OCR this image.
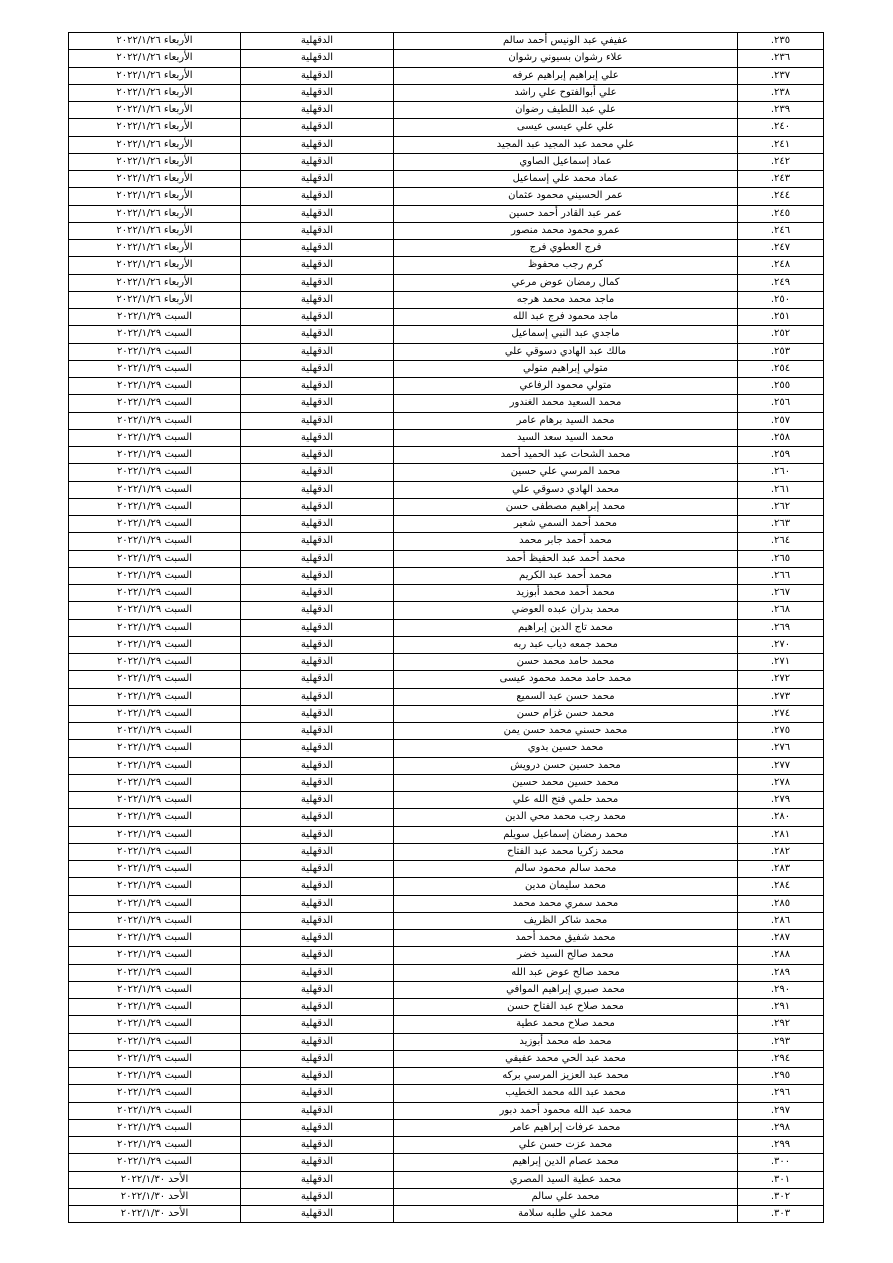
٢٣٥.	عفيفي عبد الونيس أحمد سالم	الدقهلية	الأربعاء ٢٠٢٢/١/٢٦
٢٣٦.	علاء رشوان بسيوني رشوان	الدقهلية	الأربعاء ٢٠٢٢/١/٢٦
٢٣٧.	علي إبراهيم إبراهيم عرفه	الدقهلية	الأربعاء ٢٠٢٢/١/٢٦
٢٣٨.	علي أبوالفتوح علي راشد	الدقهلية	الأربعاء ٢٠٢٢/١/٢٦
٢٣٩.	علي عبد اللطيف رضوان	الدقهلية	الأربعاء ٢٠٢٢/١/٢٦
٢٤٠.	علي علي عيسى عيسى	الدقهلية	الأربعاء ٢٠٢٢/١/٢٦
٢٤١.	علي محمد عبد المجيد عبد المجيد	الدقهلية	الأربعاء ٢٠٢٢/١/٢٦
٢٤٢.	عماد إسماعيل الصاوي	الدقهلية	الأربعاء ٢٠٢٢/١/٢٦
٢٤٣.	عماد محمد علي إسماعيل	الدقهلية	الأربعاء ٢٠٢٢/١/٢٦
٢٤٤.	عمر الحسيني محمود عثمان	الدقهلية	الأربعاء ٢٠٢٢/١/٢٦
٢٤٥.	عمر عبد القادر أحمد حسين	الدقهلية	الأربعاء ٢٠٢٢/١/٢٦
٢٤٦.	عمرو محمود محمد منصور	الدقهلية	الأربعاء ٢٠٢٢/١/٢٦
٢٤٧.	فرج العطوي فرج	الدقهلية	الأربعاء ٢٠٢٢/١/٢٦
٢٤٨.	كرم رجب محفوظ	الدقهلية	الأربعاء ٢٠٢٢/١/٢٦
٢٤٩.	كمال رمضان عوض مرعي	الدقهلية	الأربعاء ٢٠٢٢/١/٢٦
٢٥٠.	ماجد محمد محمد هرجه	الدقهلية	الأربعاء ٢٠٢٢/١/٢٦
٢٥١.	ماجد محمود فرج عبد الله	الدقهلية	السبت ٢٠٢٢/١/٢٩
٢٥٢.	ماجدي عبد النبي إسماعيل	الدقهلية	السبت ٢٠٢٢/١/٢٩
٢٥٣.	مالك عبد الهادي دسوقي علي	الدقهلية	السبت ٢٠٢٢/١/٢٩
٢٥٤.	متولي إبراهيم متولي	الدقهلية	السبت ٢٠٢٢/١/٢٩
٢٥٥.	متولي محمود الرفاعي	الدقهلية	السبت ٢٠٢٢/١/٢٩
٢٥٦.	محمد السعيد محمد الغندور	الدقهلية	السبت ٢٠٢٢/١/٢٩
٢٥٧.	محمد السيد برهام عامر	الدقهلية	السبت ٢٠٢٢/١/٢٩
٢٥٨.	محمد السيد سعد السيد	الدقهلية	السبت ٢٠٢٢/١/٢٩
٢٥٩.	محمد الشحات عبد الحميد أحمد	الدقهلية	السبت ٢٠٢٢/١/٢٩
٢٦٠.	محمد المرسي علي حسين	الدقهلية	السبت ٢٠٢٢/١/٢٩
٢٦١.	محمد الهادي دسوقي علي	الدقهلية	السبت ٢٠٢٢/١/٢٩
٢٦٢.	محمد إبراهيم مصطفى حسن	الدقهلية	السبت ٢٠٢٢/١/٢٩
٢٦٣.	محمد أحمد السمي شعير	الدقهلية	السبت ٢٠٢٢/١/٢٩
٢٦٤.	محمد أحمد جابر محمد	الدقهلية	السبت ٢٠٢٢/١/٢٩
٢٦٥.	محمد أحمد عبد الحفيظ أحمد	الدقهلية	السبت ٢٠٢٢/١/٢٩
٢٦٦.	محمد أحمد عبد الكريم	الدقهلية	السبت ٢٠٢٢/١/٢٩
٢٦٧.	محمد أحمد محمد أبوزيد	الدقهلية	السبت ٢٠٢٢/١/٢٩
٢٦٨.	محمد بدران عبده العوضي	الدقهلية	السبت ٢٠٢٢/١/٢٩
٢٦٩.	محمد تاج الدين إبراهيم	الدقهلية	السبت ٢٠٢٢/١/٢٩
٢٧٠.	محمد جمعه دياب عبد ربه	الدقهلية	السبت ٢٠٢٢/١/٢٩
٢٧١.	محمد حامد محمد حسن	الدقهلية	السبت ٢٠٢٢/١/٢٩
٢٧٢.	محمد حامد محمد محمود عيسى	الدقهلية	السبت ٢٠٢٢/١/٢٩
٢٧٣.	محمد حسن عبد السميع	الدقهلية	السبت ٢٠٢٢/١/٢٩
٢٧٤.	محمد حسن غزام حسن	الدقهلية	السبت ٢٠٢٢/١/٢٩
٢٧٥.	محمد حسني محمد حسن يمن	الدقهلية	السبت ٢٠٢٢/١/٢٩
٢٧٦.	محمد حسين بدوي	الدقهلية	السبت ٢٠٢٢/١/٢٩
٢٧٧.	محمد حسين حسن درويش	الدقهلية	السبت ٢٠٢٢/١/٢٩
٢٧٨.	محمد حسين محمد حسين	الدقهلية	السبت ٢٠٢٢/١/٢٩
٢٧٩.	محمد حلمي فتح الله علي	الدقهلية	السبت ٢٠٢٢/١/٢٩
٢٨٠.	محمد رجب محمد محي الدين	الدقهلية	السبت ٢٠٢٢/١/٢٩
٢٨١.	محمد رمضان إسماعيل سويلم	الدقهلية	السبت ٢٠٢٢/١/٢٩
٢٨٢.	محمد زكريا محمد عبد الفتاح	الدقهلية	السبت ٢٠٢٢/١/٢٩
٢٨٣.	محمد سالم محمود سالم	الدقهلية	السبت ٢٠٢٢/١/٢٩
٢٨٤.	محمد سليمان مدين	الدقهلية	السبت ٢٠٢٢/١/٢٩
٢٨٥.	محمد سمري محمد محمد	الدقهلية	السبت ٢٠٢٢/١/٢٩
٢٨٦.	محمد شاكر الظريف	الدقهلية	السبت ٢٠٢٢/١/٢٩
٢٨٧.	محمد شفيق محمد أحمد	الدقهلية	السبت ٢٠٢٢/١/٢٩
٢٨٨.	محمد صالح السيد خضر	الدقهلية	السبت ٢٠٢٢/١/٢٩
٢٨٩.	محمد صالح عوض عبد الله	الدقهلية	السبت ٢٠٢٢/١/٢٩
٢٩٠.	محمد صبري إبراهيم الموافي	الدقهلية	السبت ٢٠٢٢/١/٢٩
٢٩١.	محمد صلاح عبد الفتاح حسن	الدقهلية	السبت ٢٠٢٢/١/٢٩
٢٩٢.	محمد صلاح محمد عطية	الدقهلية	السبت ٢٠٢٢/١/٢٩
٢٩٣.	محمد طه محمد أبوزيد	الدقهلية	السبت ٢٠٢٢/١/٢٩
٢٩٤.	محمد عبد الحي محمد عفيفي	الدقهلية	السبت ٢٠٢٢/١/٢٩
٢٩٥.	محمد عبد العزيز المرسي بركه	الدقهلية	السبت ٢٠٢٢/١/٢٩
٢٩٦.	محمد عبد الله محمد الخطيب	الدقهلية	السبت ٢٠٢٢/١/٢٩
٢٩٧.	محمد عبد الله محمود أحمد دبور	الدقهلية	السبت ٢٠٢٢/١/٢٩
٢٩٨.	محمد عرفات إبراهيم عامر	الدقهلية	السبت ٢٠٢٢/١/٢٩
٢٩٩.	محمد عزت حسن علي	الدقهلية	السبت ٢٠٢٢/١/٢٩
٣٠٠.	محمد عصام الدين إبراهيم	الدقهلية	السبت ٢٠٢٢/١/٢٩
٣٠١.	محمد عطية السيد المصري	الدقهلية	الأحد ٢٠٢٢/١/٣٠
٣٠٢.	محمد علي سالم	الدقهلية	الأحد ٢٠٢٢/١/٣٠
٣٠٣.	محمد علي طلبه سلامة	الدقهلية	الأحد ٢٠٢٢/١/٣٠
